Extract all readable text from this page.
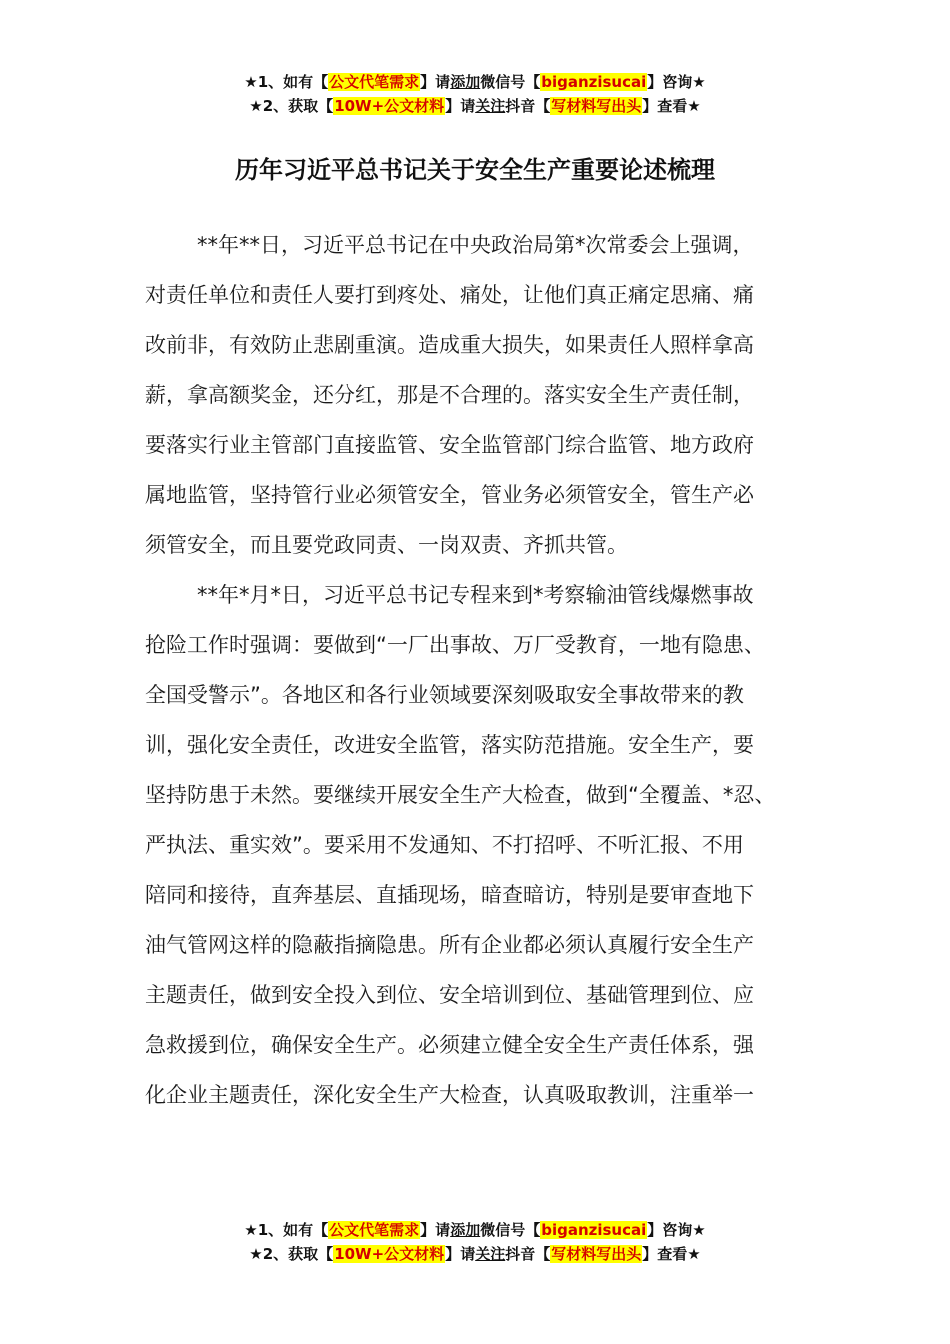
★1、如有【公文代笔需求】请添加微信号【biganzisucai】咨询★
★2、获取【10W+公文材料】请关注抖音【写材料写出头】查看★
历年习近平总书记关于安全生产重要论述梳理
**年**日，习近平总书记在中央政治局第*次常委会上强调，
对责任单位和责任人要打到疼处、痛处，让他们真正痛定思痛、痛
改前非，有效防止悲剧重演。造成重大损失，如果责任人照样拿高
薪，拿高额奖金，还分红，那是不合理的。落实安全生产责任制，
要落实行业主管部门直接监管、安全监管部门综合监管、地方政府
属地监管，坚持管行业必须管安全，管业务必须管安全，管生产必
须管安全，而且要党政同责、一岗双责、齐抓共管。
**年*月*日，习近平总书记专程来到*考察输油管线爆燃事故
抢险工作时强调：要做到“一厂出事故、万厂受教育，一地有隐患、
全国受警示”。各地区和各行业领域要深刻吸取安全事故带来的教
训，强化安全责任，改进安全监管，落实防范措施。安全生产，要
坚持防患于未然。要继续开展安全生产大检查，做到“全覆盖、*忍、
严执法、重实效”。要采用不发通知、不打招呼、不听汇报、不用
陪同和接待，直奔基层、直插现场，暗查暗访，特别是要审查地下
油气管网这样的隐蔽指摘隐患。所有企业都必须认真履行安全生产
主题责任，做到安全投入到位、安全培训到位、基础管理到位、应
急救援到位，确保安全生产。必须建立健全安全生产责任体系，强
化企业主题责任，深化安全生产大检查，认真吸取教训，注重举一
★1、如有【公文代笔需求】请添加微信号【biganzisucai】咨询★
★2、获取【10W+公文材料】请关注抖音【写材料写出头】查看★
